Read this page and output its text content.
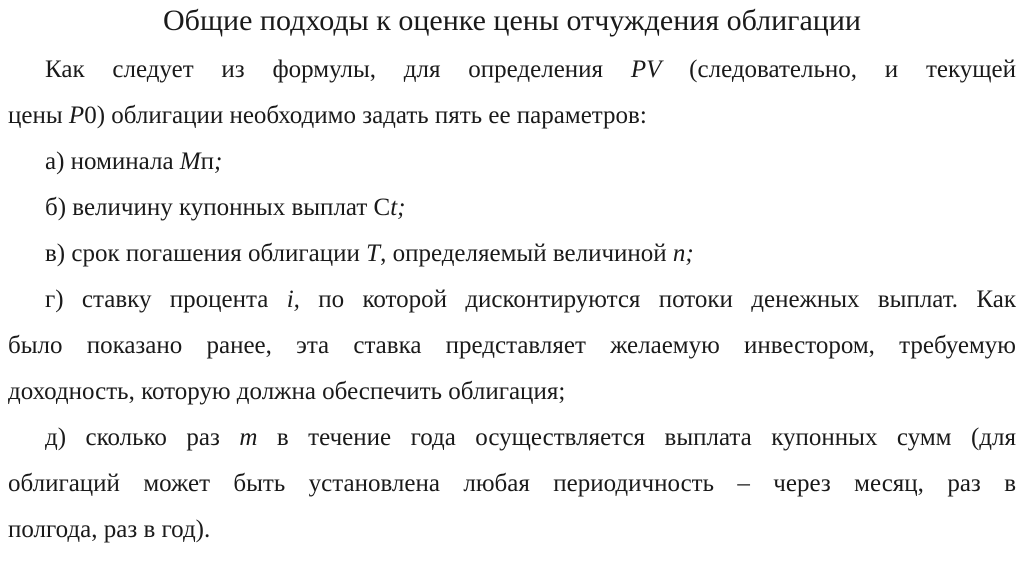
Общие подходы к оценке цены отчуждения облигации

Как следует из формулы, для определения PV (следовательно, и текущей
цены P0) облигации необходимо задать пять ее параметров:

а) номинала Mп;

б) величину купонных выплат Ct;

в) срок погашения облигации T, определяемый величиной n;

г) ставку процента i, по которой дисконтируются потоки денежных выплат. Как
было показано ранее, эта ставка представляет желаемую инвестором, требуемую
доходность, которую должна обеспечить облигация;

д) сколько раз m в течение года осуществляется выплата купонных сумм (для
облигаций может быть установлена любая периодичность – через месяц, раз в
полгода, раз в год).
